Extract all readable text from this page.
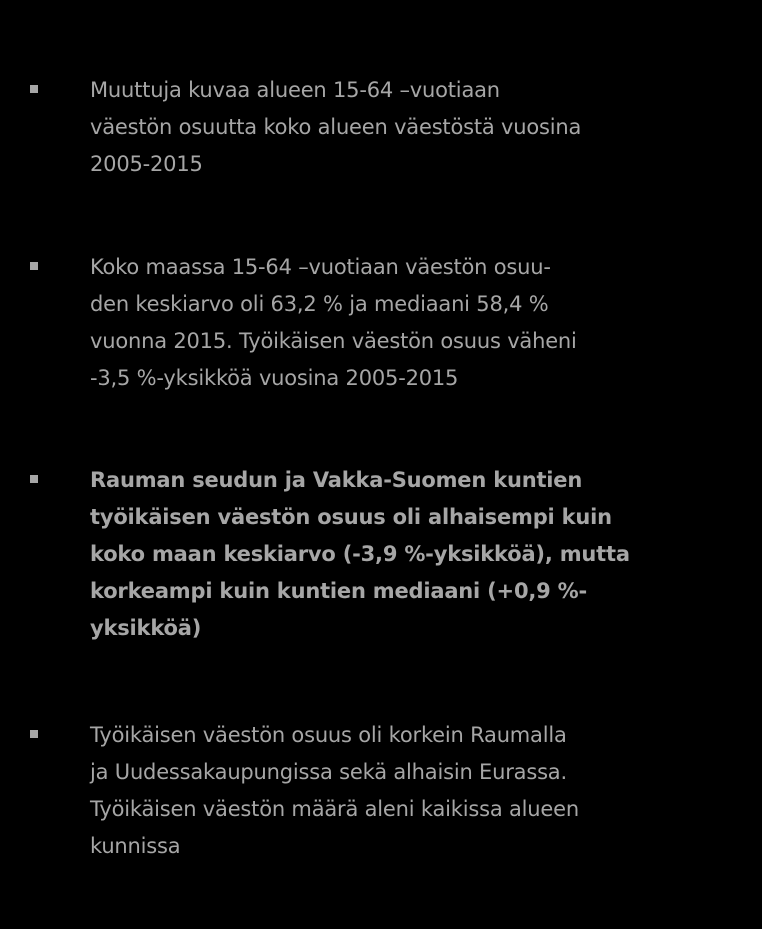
Muuttuja kuvaa alueen 15-64 –vuotiaan
väestön osuutta koko alueen väestöstä vuosina
2005-2015
Koko maassa 15-64 –vuotiaan väestön osuu-
den keskiarvo oli 63,2 % ja mediaani 58,4 %
vuonna 2015. Työikäisen väestön osuus väheni
-3,5 %-yksikköä vuosina 2005-2015
Rauman seudun ja Vakka-Suomen kuntien
työikäisen väestön osuus oli alhaisempi kuin
koko maan keskiarvo (-3,9 %-yksikköä), mutta
korkeampi kuin kuntien mediaani (+0,9 %-
yksikköä)
Työikäisen väestön osuus oli korkein Raumalla
ja Uudessakaupungissa sekä alhaisin Eurassa.
Työikäisen väestön määrä aleni kaikissa alueen
kunnissa
